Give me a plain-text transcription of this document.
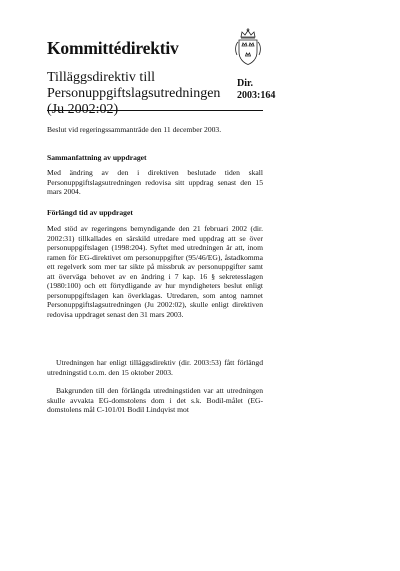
Kommittédirektiv

Tilläggsdirektiv till Personuppgiftslagsutredningen (Ju 2002:02)

Dir.
2003:164

Beslut vid regeringssammanträde den 11 december 2003.

Sammanfattning av uppdraget

Med ändring av den i direktiven beslutade tiden skall Personuppgiftslagsutredningen redovisa sitt uppdrag senast den 15 mars 2004.

Förlängd tid av uppdraget

Med stöd av regeringens bemyndigande den 21 februari 2002 (dir. 2002:31) tillkallades en särskild utredare med uppdrag att se över personuppgiftslagen (1998:204). Syftet med utredningen är att, inom ramen för EG-direktivet om personuppgifter (95/46/EG), åstadkomma ett regelverk som mer tar sikte på missbruk av personuppgifter samt att överväga behovet av en ändring i 7 kap. 16 § sekretesslagen (1980:100) och ett förtydligande av hur myndigheters beslut enligt personuppgiftslagen kan överklagas. Utredaren, som antog namnet Personuppgiftslagsutredningen (Ju 2002:02), skulle enligt direktiven redovisa uppdraget senast den 31 mars 2003.

Utredningen har enligt tilläggsdirektiv (dir. 2003:53) fått förlängd utredningstid t.o.m. den 15 oktober 2003.

Bakgrunden till den förlängda utredningstiden var att utredningen skulle avvakta EG-domstolens dom i det s.k. Bodil-målet (EG-domstolens mål C-101/01 Bodil Lindqvist mot
